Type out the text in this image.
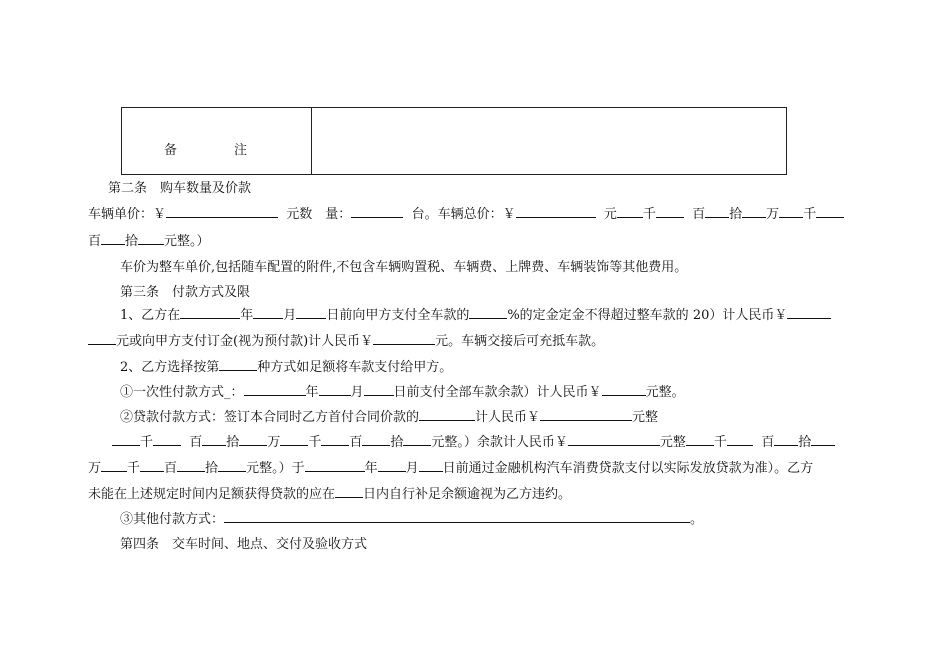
备　注
第二条　购车数量及价款
车辆单价：￥	元数　量：	台。车辆总价：￥	元 千	百 拾 万 千
百 拾 元整。）
车价为整车单价,包括随车配置的附件,不包含车辆购置税、车辆费、上牌费、车辆装饰等其他费用。
第三条　付款方式及限
1、乙方在	年 月 日前向甲方支付全车款的	%的定金定金不得超过整车款的 20）计人民币￥
元或向甲方支付订金(视为预付款)计人民币￥	元。车辆交接后可充抵车款。
2、乙方选择按第	种方式如足额将车款支付给甲方。
①一次性付款方式_：	年 月 日前支付全部车款余款）计人民币￥	元整。
②贷款付款方式：签订本合同时乙方首付合同价款的	计人民币￥	元整
千	百 拾 万 千 百 拾 元整。）余款计人民币￥	元整 千	百 拾
万 千 百 拾 元整。）于	年 月 日前通过金融机构汽车消费贷款支付以实际发放贷款为准）。乙方
未能在上述规定时间内足额获得贷款的应在 日内自行补足余额逾视为乙方违约。
③其他付款方式：	。
第四条　交车时间、地点、交付及验收方式
